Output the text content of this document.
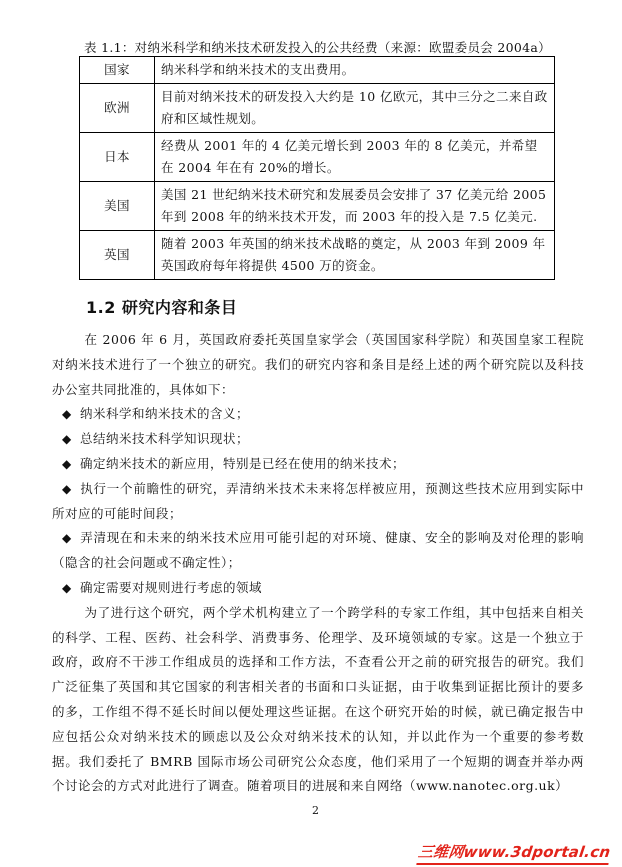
表 1.1：对纳米科学和纳米技术研发投入的公共经费（来源：欧盟委员会 2004a）
国家	纳米科学和纳米技术的支出费用。
欧洲	目前对纳米技术的研发投入大约是 10 亿欧元，其中三分之二来自政府和区域性规划。
日本	经费从 2001 年的 4 亿美元增长到 2003 年的 8 亿美元，并希望在 2004 年在有 20%的增长。
美国	美国 21 世纪纳米技术研究和发展委员会安排了 37 亿美元给 2005 年到 2008 年的纳米技术开发，而 2003 年的投入是 7.5 亿美元.
英国	随着 2003 年英国的纳米技术战略的奠定，从 2003 年到 2009 年英国政府每年将提供 4500 万的资金。
1.2 研究内容和条目

在 2006 年 6 月，英国政府委托英国皇家学会（英国国家科学院）和英国皇家工程院对纳米技术进行了一个独立的研究。我们的研究内容和条目是经上述的两个研究院以及科技办公室共同批准的，具体如下：

◆ 纳米科学和纳米技术的含义；
◆ 总结纳米技术科学知识现状；
◆ 确定纳米技术的新应用，特别是已经在使用的纳米技术；
◆ 执行一个前瞻性的研究，弄清纳米技术未来将怎样被应用，预测这些技术应用到实际中所对应的可能时间段；
◆ 弄清现在和未来的纳米技术应用可能引起的对环境、健康、安全的影响及对伦理的影响（隐含的社会问题或不确定性）；
◆ 确定需要对规则进行考虑的领域

为了进行这个研究，两个学术机构建立了一个跨学科的专家工作组，其中包括来自相关的科学、工程、医药、社会科学、消费事务、伦理学、及环境领域的专家。这是一个独立于政府，政府不干涉工作组成员的选择和工作方法，不查看公开之前的研究报告的研究。我们广泛征集了英国和其它国家的利害相关者的书面和口头证据，由于收集到证据比预计的要多的多，工作组不得不延长时间以便处理这些证据。在这个研究开始的时候，就已确定报告中应包括公众对纳米技术的顾虑以及公众对纳米技术的认知，并以此作为一个重要的参考数据。我们委托了 BMRB 国际市场公司研究公众态度，他们采用了一个短期的调查并举办两个讨论会的方式对此进行了调查。随着项目的进展和来自网络（www.nanotec.org.uk）

2
三维网www.3dportal.cn
